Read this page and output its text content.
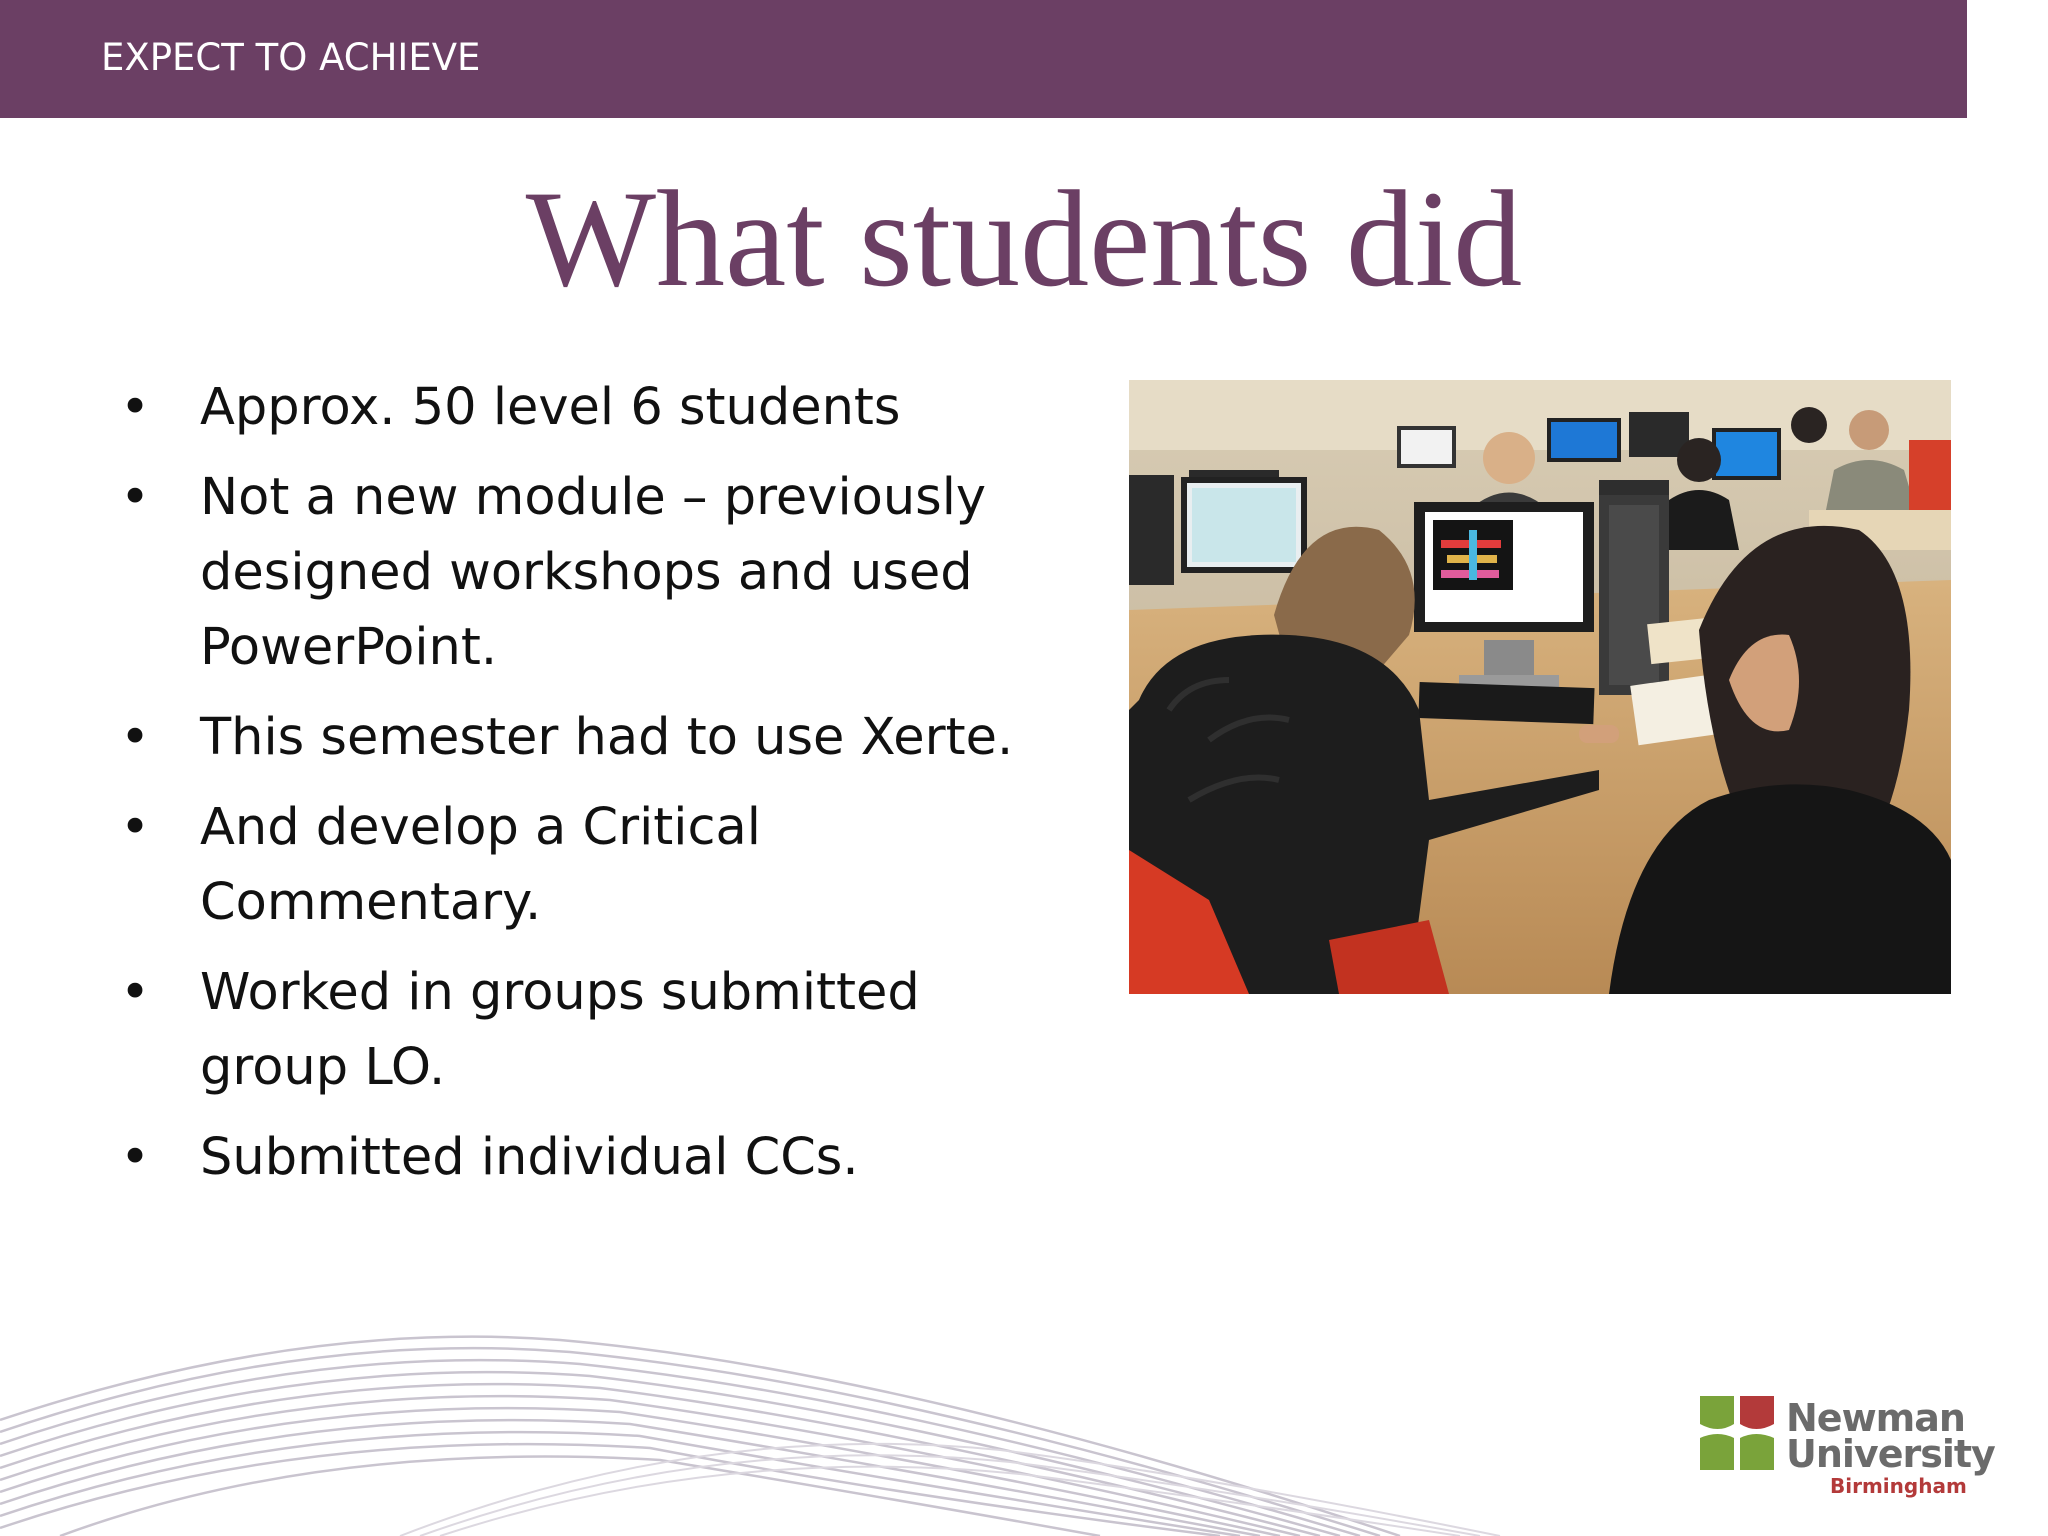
EXPECT TO ACHIEVE
What students did
• Approx. 50 level 6 students
• Not a new module – previously designed workshops and used PowerPoint.
• This semester had to use Xerte.
• And develop a Critical Commentary.
• Worked in groups submitted group LO.
• Submitted individual CCs.
Newman
University
Birmingham
